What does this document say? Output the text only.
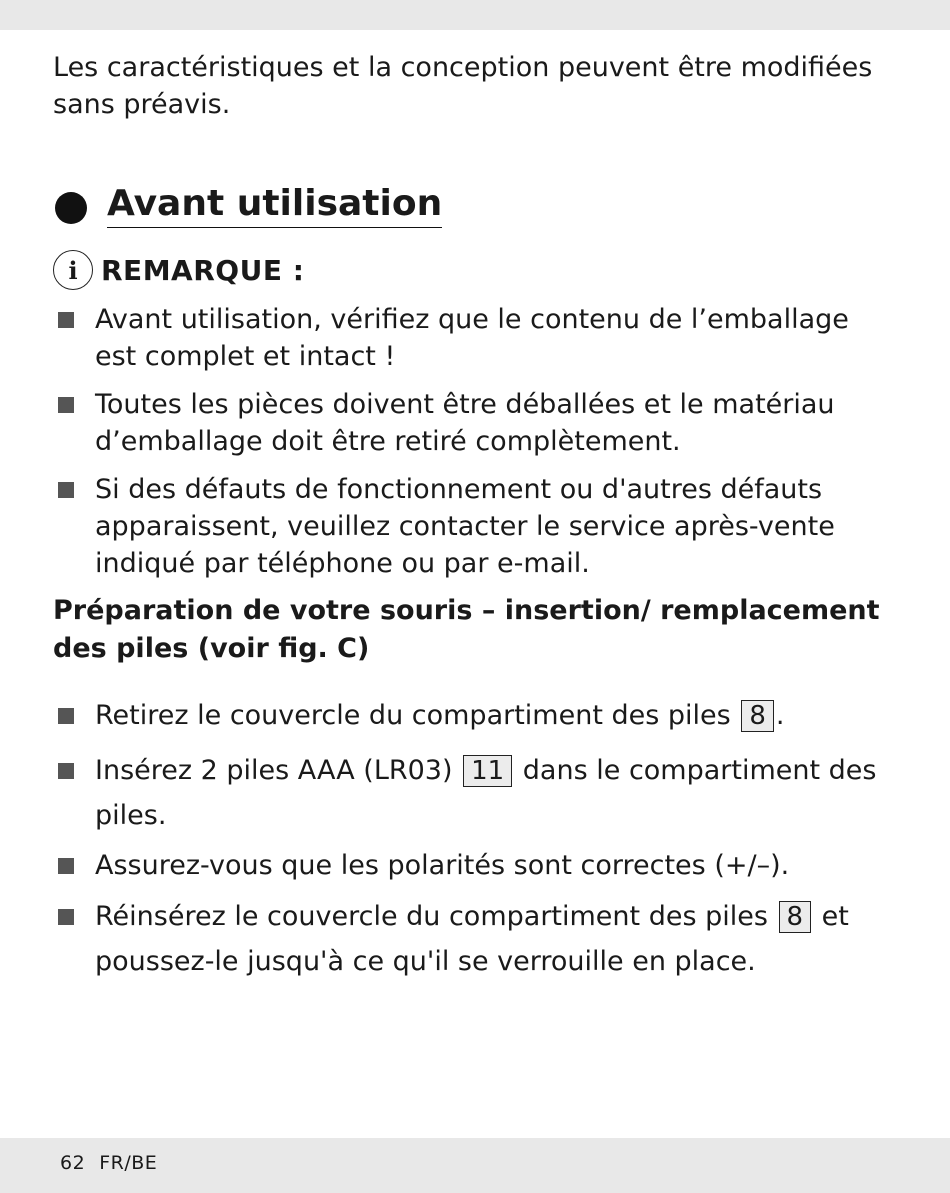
Les caractéristiques et la conception peuvent être modifiées sans préavis.
Avant utilisation
i REMARQUE :
Avant utilisation, vérifiez que le contenu de l’emballage est complet et intact !
Toutes les pièces doivent être déballées et le matériau d’emballage doit être retiré complètement.
Si des défauts de fonctionnement ou d'autres défauts apparaissent, veuillez contacter le service après-vente indiqué par téléphone ou par e-mail.
Préparation de votre souris – insertion/ remplacement des piles (voir fig. C)
Retirez le couvercle du compartiment des piles 8 .
Insérez 2 piles AAA (LR03) 11 dans le compartiment des piles.
Assurez-vous que les polarités sont correctes (+/–).
Réinsérez le couvercle du compartiment des piles 8 et poussez-le jusqu'à ce qu'il se verrouille en place.
62 FR/BE
